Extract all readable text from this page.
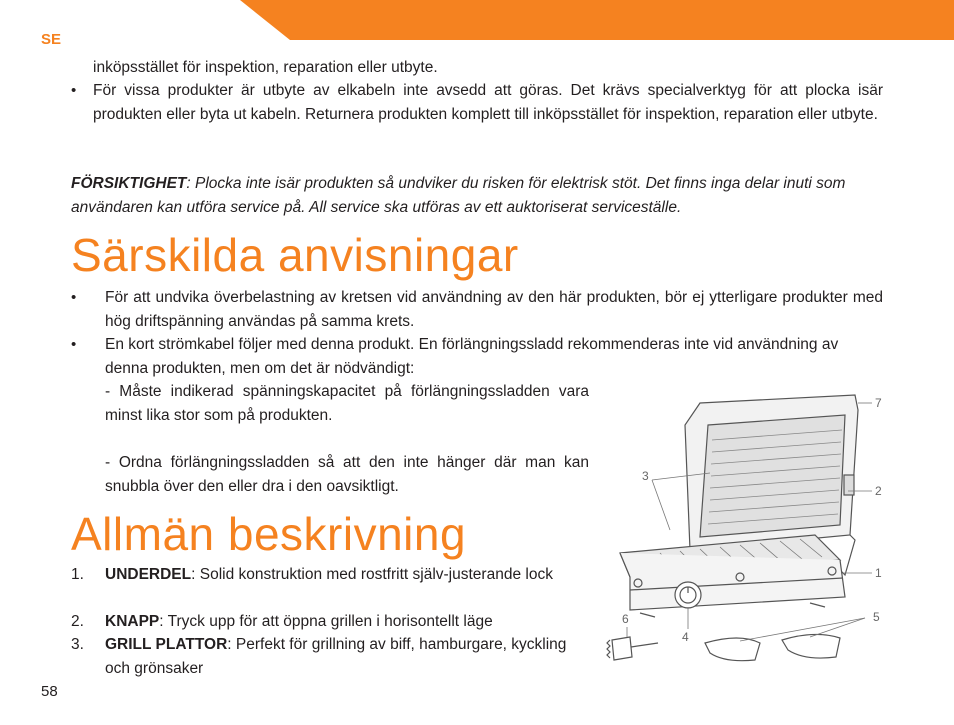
SE
inköpsstället för inspektion, reparation eller utbyte.
• För vissa produkter är utbyte av elkabeln inte avsedd att göras. Det krävs specialverktyg för att plocka isär produkten eller byta ut kabeln. Returnera produkten komplett till inköpsstället för inspektion, reparation eller utbyte.
FÖRSIKTIGHET: Plocka inte isär produkten så undviker du risken för elektrisk stöt. Det finns inga delar inuti som användaren kan utföra service på. All service ska utföras av ett auktoriserat serviceställe.
Särskilda anvisningar
• För att undvika överbelastning av kretsen vid användning av den här produkten, bör ej ytterligare produkter med hög driftspänning användas på samma krets.
• En kort strömkabel följer med denna produkt. En förlängningssladd rekommenderas inte vid användning av denna produkten, men om det är nödvändigt:
- Måste indikerad spänningskapacitet på förlängningssladden vara minst lika stor som på produkten.
- Ordna förlängningssladden så att den inte hänger där man kan snubbla över den eller dra i den oavsiktligt.
Allmän beskrivning
1. UNDERDEL: Solid konstruktion med rostfritt själv-justerande lock
2. KNAPP: Tryck upp för att öppna grillen i horisontellt läge
3. GRILL PLATTOR: Perfekt för grillning av biff, hamburgare, kyckling och grönsaker
1
2
3
4
5
6
7
58
